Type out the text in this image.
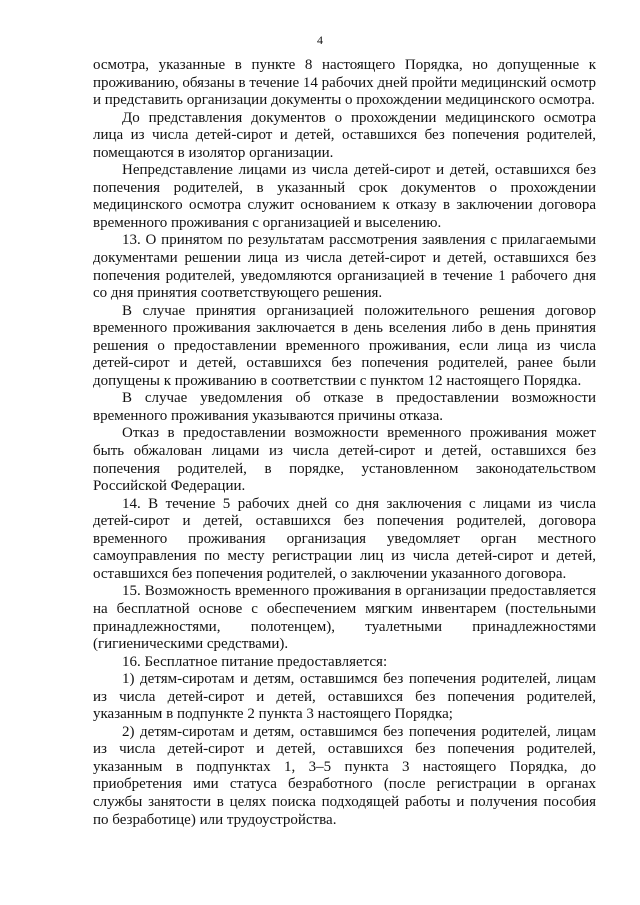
4

осмотра, указанные в пункте 8 настоящего Порядка, но допущенные к проживанию, обязаны в течение 14 рабочих дней пройти медицинский осмотр и представить организации документы о прохождении медицинского осмотра.

До представления документов о прохождении медицинского осмотра лица из числа детей-сирот и детей, оставшихся без попечения родителей, помещаются в изолятор организации.

Непредставление лицами из числа детей-сирот и детей, оставшихся без попечения родителей, в указанный срок документов о прохождении медицинского осмотра служит основанием к отказу в заключении договора временного проживания с организацией и выселению.

13. О принятом по результатам рассмотрения заявления с прилагаемыми документами решении лица из числа детей-сирот и детей, оставшихся без попечения родителей, уведомляются организацией в течение 1 рабочего дня со дня принятия соответствующего решения.

В случае принятия организацией положительного решения договор временного проживания заключается в день вселения либо в день принятия решения о предоставлении временного проживания, если лица из числа детей-сирот и детей, оставшихся без попечения родителей, ранее были допущены к проживанию в соответствии с пунктом 12 настоящего Порядка.

В случае уведомления об отказе в предоставлении возможности временного проживания указываются причины отказа.

Отказ в предоставлении возможности временного проживания может быть обжалован лицами из числа детей-сирот и детей, оставшихся без попечения родителей, в порядке, установленном законодательством Российской Федерации.

14. В течение 5 рабочих дней со дня заключения с лицами из числа детей-сирот и детей, оставшихся без попечения родителей, договора временного проживания организация уведомляет орган местного самоуправления по месту регистрации лиц из числа детей-сирот и детей, оставшихся без попечения родителей, о заключении указанного договора.

15. Возможность временного проживания в организации предоставляется на бесплатной основе с обеспечением мягким инвентарем (постельными принадлежностями, полотенцем), туалетными принадлежностями (гигиеническими средствами).

16. Бесплатное питание предоставляется:

1) детям-сиротам и детям, оставшимся без попечения родителей, лицам из числа детей-сирот и детей, оставшихся без попечения родителей, указанным в подпункте 2 пункта 3 настоящего Порядка;

2) детям-сиротам и детям, оставшимся без попечения родителей, лицам из числа детей-сирот и детей, оставшихся без попечения родителей, указанным в подпунктах 1, 3–5 пункта 3 настоящего Порядка, до приобретения ими статуса безработного (после регистрации в органах службы занятости в целях поиска подходящей работы и получения пособия по безработице) или трудоустройства.
